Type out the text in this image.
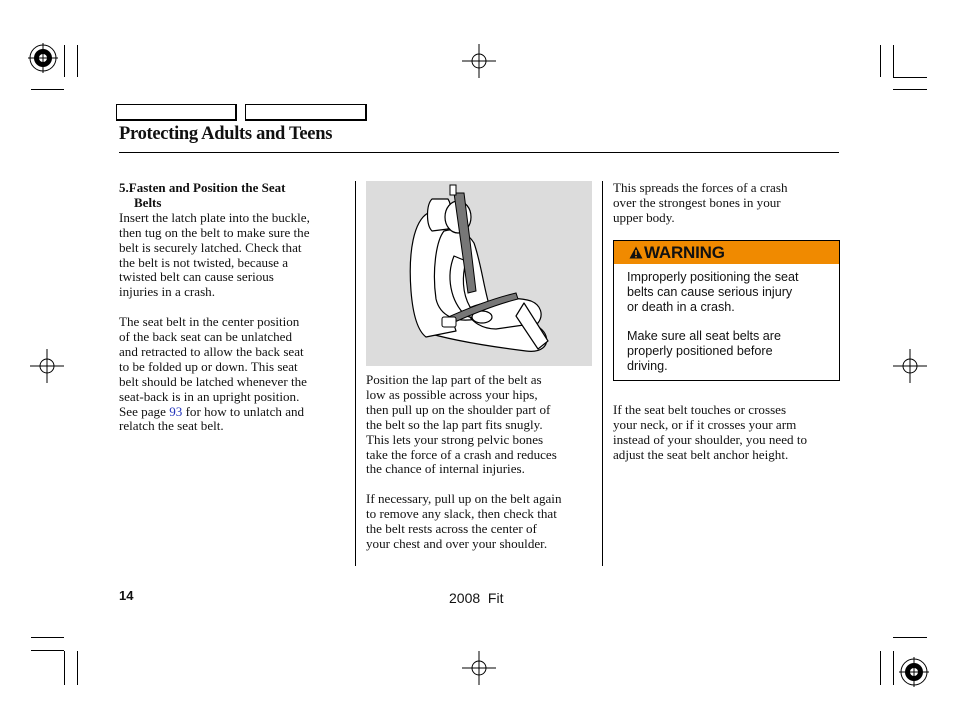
Protecting Adults and Teens
5.Fasten and Position the Seat
Belts
Insert the latch plate into the buckle,
then tug on the belt to make sure the
belt is securely latched. Check that
the belt is not twisted, because a
twisted belt can cause serious
injuries in a crash.
The seat belt in the center position
of the back seat can be unlatched
and retracted to allow the back seat
to be folded up or down. This seat
belt should be latched whenever the
seat-back is in an upright position.
See page 93 for how to unlatch and
relatch the seat belt.
Position the lap part of the belt as
low as possible across your hips,
then pull up on the shoulder part of
the belt so the lap part fits snugly.
This lets your strong pelvic bones
take the force of a crash and reduces
the chance of internal injuries.
If necessary, pull up on the belt again
to remove any slack, then check that
the belt rests across the center of
your chest and over your shoulder.
This spreads the forces of a crash
over the strongest bones in your
upper body.
WARNING
Improperly positioning the seat
belts can cause serious injury
or death in a crash.
Make sure all seat belts are
properly positioned before
driving.
If the seat belt touches or crosses
your neck, or if it crosses your arm
instead of your shoulder, you need to
adjust the seat belt anchor height.
14	2008  Fit
